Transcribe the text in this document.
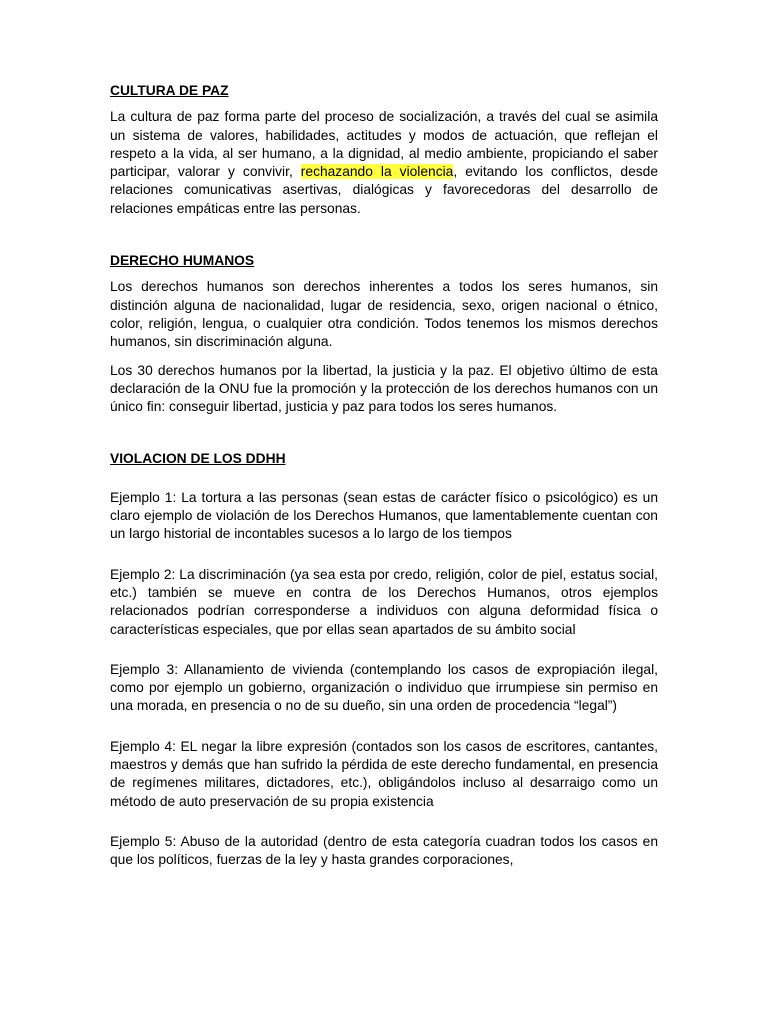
CULTURA DE PAZ
La cultura de paz forma parte del proceso de socialización, a través del cual se asimila un sistema de valores, habilidades, actitudes y modos de actuación, que reflejan el respeto a la vida, al ser humano, a la dignidad, al medio ambiente, propiciando el saber participar, valorar y convivir, rechazando la violencia, evitando los conflictos, desde relaciones comunicativas asertivas, dialógicas y favorecedoras del desarrollo de relaciones empáticas entre las personas.
DERECHO HUMANOS
Los derechos humanos son derechos inherentes a todos los seres humanos, sin distinción alguna de nacionalidad, lugar de residencia, sexo, origen nacional o étnico, color, religión, lengua, o cualquier otra condición. Todos tenemos los mismos derechos humanos, sin discriminación alguna.
Los 30 derechos humanos por la libertad, la justicia y la paz. El objetivo último de esta declaración de la ONU fue la promoción y la protección de los derechos humanos con un único fin: conseguir libertad, justicia y paz para todos los seres humanos.
VIOLACION DE LOS DDHH
Ejemplo 1: La tortura a las personas (sean estas de carácter físico o psicológico) es un claro ejemplo de violación de los Derechos Humanos, que lamentablemente cuentan con un largo historial de incontables sucesos a lo largo de los tiempos
Ejemplo 2: La discriminación (ya sea esta por credo, religión, color de piel, estatus social, etc.) también se mueve en contra de los Derechos Humanos, otros ejemplos relacionados podrían corresponderse a individuos con alguna deformidad física o características especiales, que por ellas sean apartados de su ámbito social
Ejemplo 3: Allanamiento de vivienda (contemplando los casos de expropiación ilegal, como por ejemplo un gobierno, organización o individuo que irrumpiese sin permiso en una morada, en presencia o no de su dueño, sin una orden de procedencia “legal”)
Ejemplo 4: EL negar la libre expresión (contados son los casos de escritores, cantantes, maestros y demás que han sufrido la pérdida de este derecho fundamental, en presencia de regímenes militares, dictadores, etc.), obligándolos incluso al desarraigo como un método de auto preservación de su propia existencia
Ejemplo 5: Abuso de la autoridad (dentro de esta categoría cuadran todos los casos en que los políticos, fuerzas de la ley y hasta grandes corporaciones,
